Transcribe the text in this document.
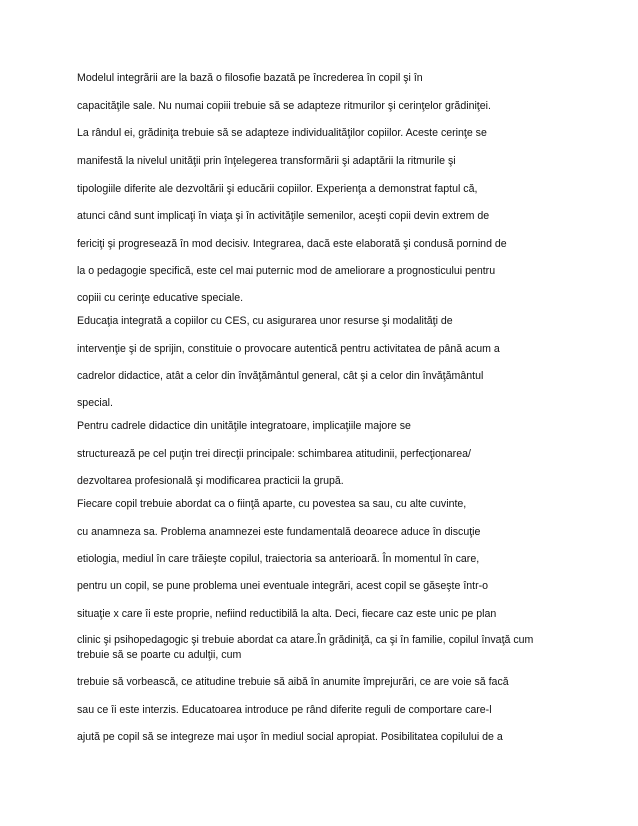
Modelul integrării are la bază o filosofie bazată pe încrederea în copil şi în
capacităţile sale. Nu numai copiii trebuie să se adapteze ritmurilor şi cerinţelor grădiniţei.
La rândul ei, grădiniţa trebuie să se adapteze individualităţilor copiilor. Aceste cerinţe se
manifestă la nivelul unităţii prin înţelegerea transformării şi adaptării la ritmurile şi
tipologiile diferite ale dezvoltării şi educării copiilor. Experienţa a demonstrat faptul că,
atunci când sunt implicaţi în viaţa şi în activităţile semenilor, aceşti copii devin extrem de
fericiţi şi progresează în mod decisiv. Integrarea, dacă este elaborată şi condusă pornind de
la o pedagogie specifică, este cel mai puternic mod de ameliorare a prognosticului pentru
copiii cu cerinţe educative speciale.
Educaţia integrată a copiilor cu CES, cu asigurarea unor resurse şi modalităţi de
intervenţie şi de sprijin, constituie o provocare autentică pentru activitatea de până acum a
cadrelor didactice, atât a celor din învăţământul general, cât şi a celor din învăţământul
special.
Pentru cadrele didactice din unităţile integratoare, implicaţiile majore se
structurează pe cel puţin trei direcţii principale: schimbarea atitudinii, perfecţionarea/
dezvoltarea profesională şi modificarea practicii la grupă.
Fiecare copil trebuie abordat ca o fiinţă aparte, cu povestea sa sau, cu alte cuvinte,
cu anamneza sa. Problema anamnezei este fundamentală deoarece aduce în discuţie
etiologia, mediul în care trăieşte copilul, traiectoria sa anterioară. În momentul în care,
pentru un copil, se pune problema unei eventuale integrări, acest copil se găseşte într-o
situaţie x care îi este proprie, nefiind reductibilă la alta. Deci, fiecare caz este unic pe plan
clinic şi psihopedagogic şi trebuie abordat ca atare.În grădiniţă, ca şi în familie, copilul învaţă cum
trebuie să se poarte cu adulţii, cum
trebuie să vorbească, ce atitudine trebuie să aibă în anumite împrejurări, ce are voie să facă
sau ce îi este interzis. Educatoarea introduce pe rând diferite reguli de comportare care-l
ajută pe copil să se integreze mai uşor în mediul social apropiat. Posibilitatea copilului de a
